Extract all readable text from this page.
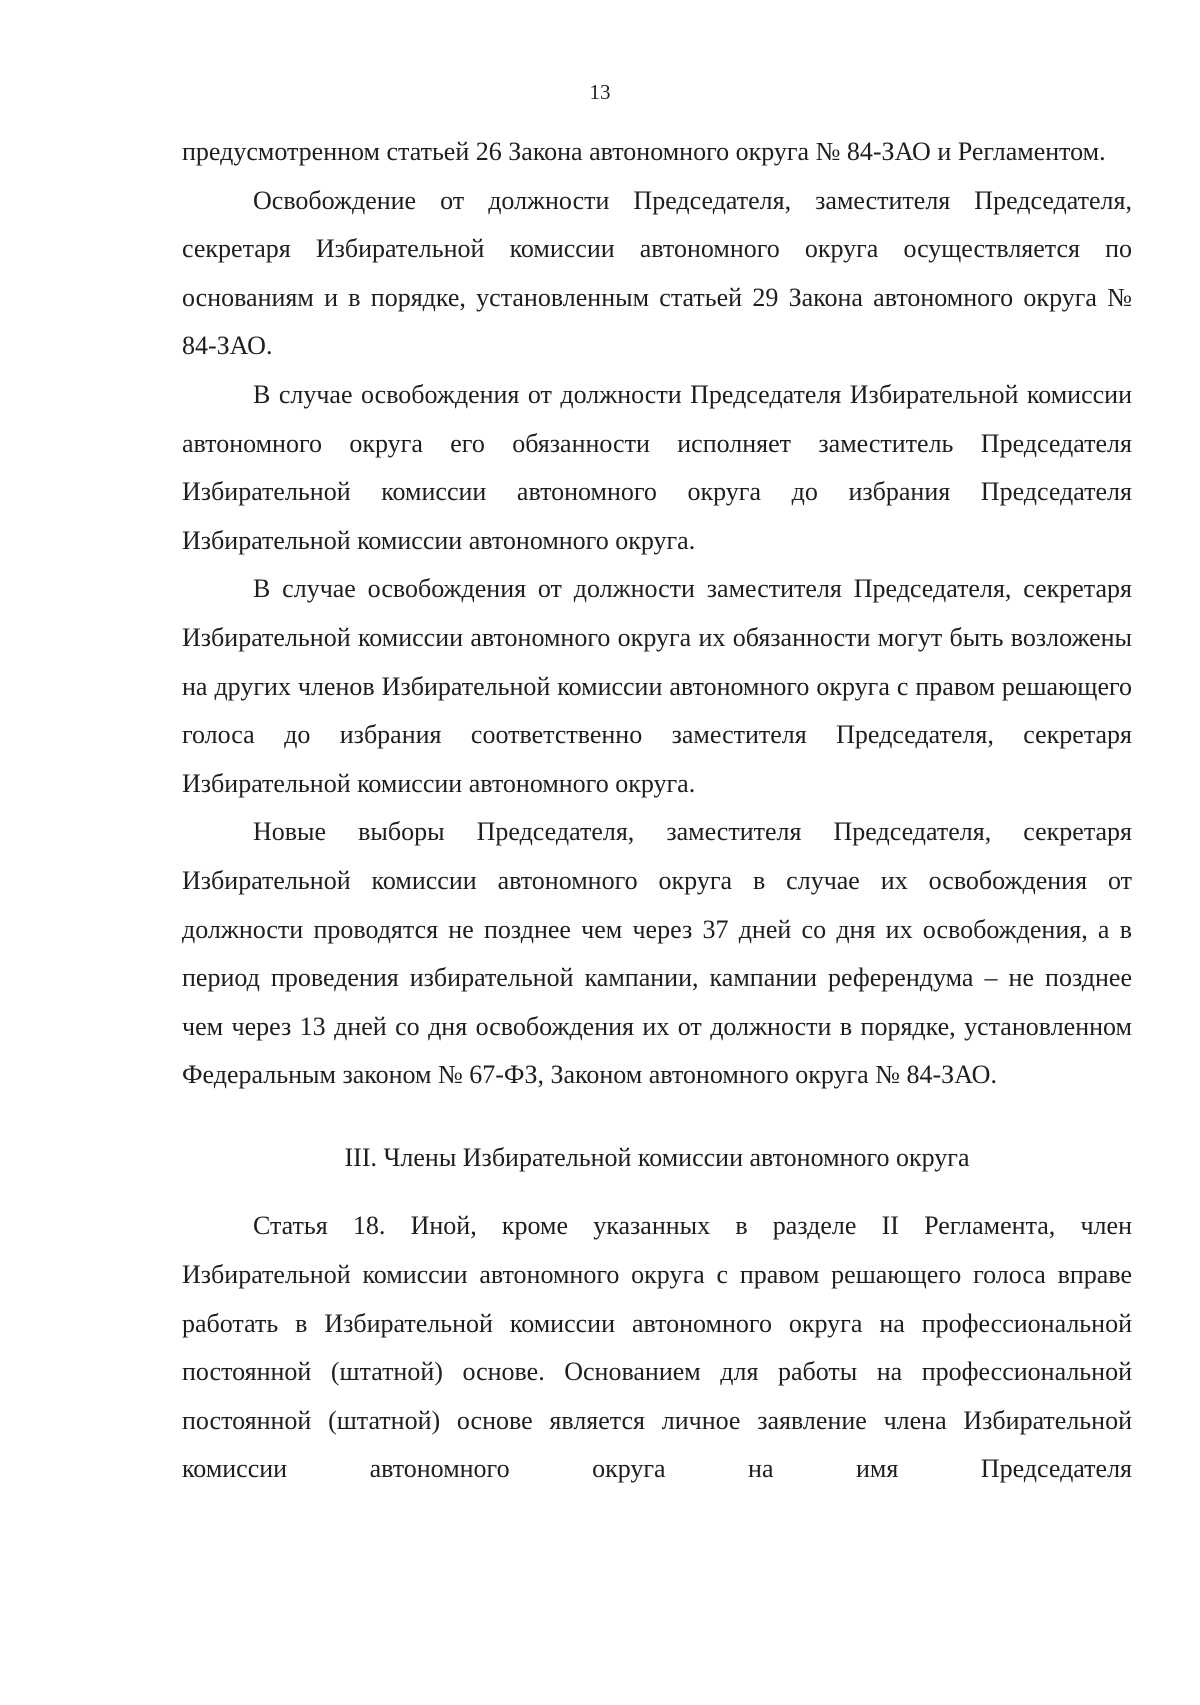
13

предусмотренном статьей 26 Закона автономного округа № 84-ЗАО и Регламентом.

Освобождение от должности Председателя, заместителя Председателя, секретаря Избирательной комиссии автономного округа осуществляется по основаниям и в порядке, установленным статьей 29 Закона автономного округа № 84-ЗАО.

В случае освобождения от должности Председателя Избирательной комиссии автономного округа его обязанности исполняет заместитель Председателя Избирательной комиссии автономного округа до избрания Председателя Избирательной комиссии автономного округа.

В случае освобождения от должности заместителя Председателя, секретаря Избирательной комиссии автономного округа их обязанности могут быть возложены на других членов Избирательной комиссии автономного округа с правом решающего голоса до избрания соответственно заместителя Председателя, секретаря Избирательной комиссии автономного округа.

Новые выборы Председателя, заместителя Председателя, секретаря Избирательной комиссии автономного округа в случае их освобождения от должности проводятся не позднее чем через 37 дней со дня их освобождения, а в период проведения избирательной кампании, кампании референдума – не позднее чем через 13 дней со дня освобождения их от должности в порядке, установленном Федеральным законом № 67-ФЗ, Законом автономного округа № 84-ЗАО.

III. Члены Избирательной комиссии автономного округа

Статья 18. Иной, кроме указанных в разделе II Регламента, член Избирательной комиссии автономного округа с правом решающего голоса вправе работать в Избирательной комиссии автономного округа на профессиональной постоянной (штатной) основе. Основанием для работы на профессиональной постоянной (штатной) основе является личное заявление члена Избирательной комиссии автономного округа на имя Председателя
